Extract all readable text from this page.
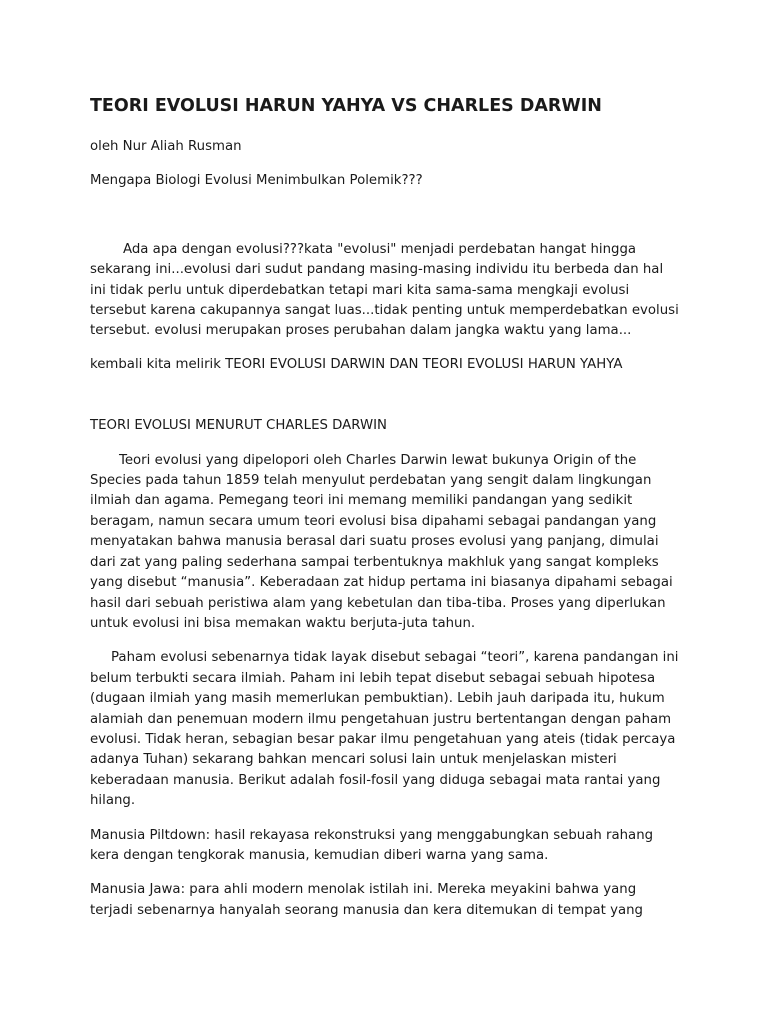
TEORI EVOLUSI HARUN YAHYA VS CHARLES DARWIN

oleh Nur Aliah Rusman

Mengapa Biologi Evolusi Menimbulkan Polemik???

Ada apa dengan evolusi???kata "evolusi" menjadi perdebatan hangat hingga sekarang ini...evolusi dari sudut pandang masing-masing individu itu berbeda dan hal ini tidak perlu untuk diperdebatkan tetapi mari kita sama-sama mengkaji evolusi tersebut karena cakupannya sangat luas...tidak penting untuk memperdebatkan evolusi tersebut. evolusi merupakan proses perubahan dalam jangka waktu yang lama...

kembali kita melirik TEORI EVOLUSI DARWIN DAN TEORI EVOLUSI HARUN YAHYA

TEORI EVOLUSI MENURUT CHARLES DARWIN

Teori evolusi yang dipelopori oleh Charles Darwin lewat bukunya Origin of the Species pada tahun 1859 telah menyulut perdebatan yang sengit dalam lingkungan ilmiah dan agama. Pemegang teori ini memang memiliki pandangan yang sedikit beragam, namun secara umum teori evolusi bisa dipahami sebagai pandangan yang menyatakan bahwa manusia berasal dari suatu proses evolusi yang panjang, dimulai dari zat yang paling sederhana sampai terbentuknya makhluk yang sangat kompleks yang disebut “manusia”. Keberadaan zat hidup pertama ini biasanya dipahami sebagai hasil dari sebuah peristiwa alam yang kebetulan dan tiba-tiba. Proses yang diperlukan untuk evolusi ini bisa memakan waktu berjuta-juta tahun.

Paham evolusi sebenarnya tidak layak disebut sebagai “teori”, karena pandangan ini belum terbukti secara ilmiah. Paham ini lebih tepat disebut sebagai sebuah hipotesa (dugaan ilmiah yang masih memerlukan pembuktian). Lebih jauh daripada itu, hukum alamiah dan penemuan modern ilmu pengetahuan justru bertentangan dengan paham evolusi. Tidak heran, sebagian besar pakar ilmu pengetahuan yang ateis (tidak percaya adanya Tuhan) sekarang bahkan mencari solusi lain untuk menjelaskan misteri keberadaan manusia. Berikut adalah fosil-fosil yang diduga sebagai mata rantai yang hilang.

Manusia Piltdown: hasil rekayasa rekonstruksi yang menggabungkan sebuah rahang kera dengan tengkorak manusia, kemudian diberi warna yang sama.

Manusia Jawa: para ahli modern menolak istilah ini. Mereka meyakini bahwa yang terjadi sebenarnya hanyalah seorang manusia dan kera ditemukan di tempat yang
